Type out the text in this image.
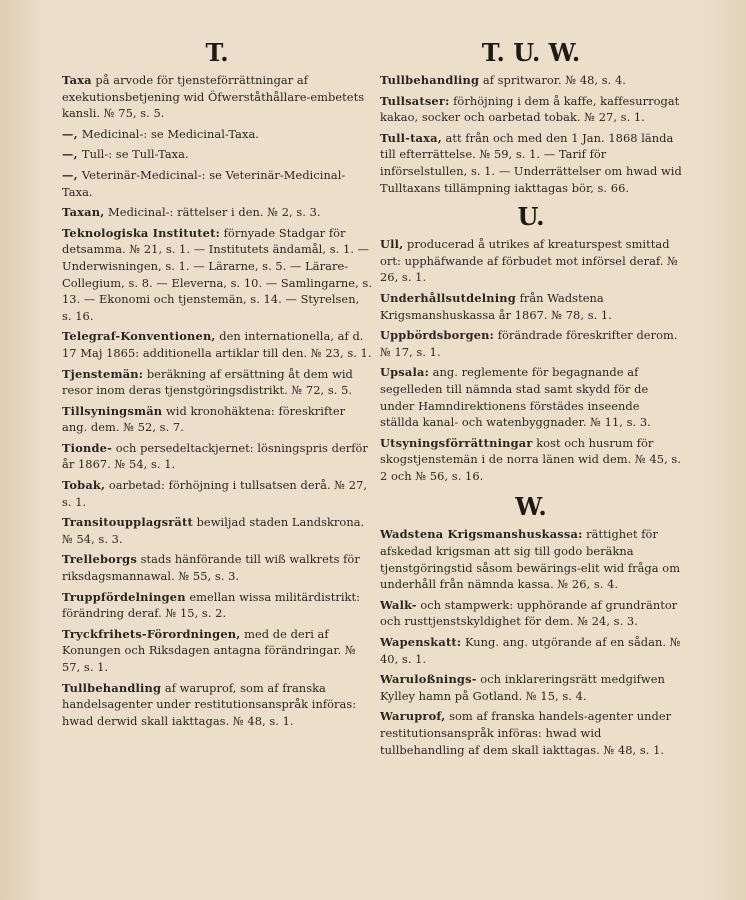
T.

Taxa på arvode för tjensteförrättningar af exekutionsbetjening wid Öfwerståthållare-embetets kansli. № 75, s. 5.

—, Medicinal-: se Medicinal-Taxa.

—, Tull-: se Tull-Taxa.

—, Veterinär-Medicinal-: se Veterinär-Medicinal-Taxa.

Taxan, Medicinal-: rättelser i den. № 2, s. 3.

Teknologiska Institutet: förnyade Stadgar för detsamma. № 21, s. 1. — Institutets ändamål, s. 1. — Underwisningen, s. 1. — Lärarne, s. 5. — Lärare-Collegium, s. 8. — Eleverna, s. 10. — Samlingarne, s. 13. — Ekonomi och tjenstemän, s. 14. — Styrelsen, s. 16.

Telegraf-Konventionen, den internationella, af d. 17 Maj 1865: additionella artiklar till den. № 23, s. 1.

Tjenstemän: beräkning af ersättning åt dem wid resor inom deras tjenstgöringsdistrikt. № 72, s. 5.

Tillsyningsmän wid kronohäktena: föreskrifter ang. dem. № 52, s. 7.

Tionde- och persedeltackjernet: lösningspris derför år 1867. № 54, s. 1.

Tobak, oarbetad: förhöjning i tullsatsen derå. № 27, s. 1.

Transitoupplagsrätt bewiljad staden Landskrona. № 54, s. 3.

Trelleborgs stads hänförande till wiß walkrets för riksdagsmannawal. № 55, s. 3.

Truppfördelningen emellan wissa militärdistrikt: förändring deraf. № 15, s. 2.

Tryckfrihets-Förordningen, med de deri af Konungen och Riksdagen antagna förändringar. № 57, s. 1.

Tullbehandling af waruprof, som af franska handelsagenter under restitutionsanspråk införas: hwad derwid skall iakttagas. № 48, s. 1.

T. U. W.

Tullbehandling af spritwaror. № 48, s. 4.

Tullsatser: förhöjning i dem å kaffe, kaffesurrogat kakao, socker och oarbetad tobak. № 27, s. 1.

Tull-taxa, att från och med den 1 Jan. 1868 lända till efterrättelse. № 59, s. 1. — Tarif för införselstullen, s. 1. — Underrättelser om hwad wid Tulltaxans tillämpning iakttagas bör, s. 66.

U.

Ull, producerad å utrikes af kreaturspest smittad ort: upphäfwande af förbudet mot införsel deraf. № 26, s. 1.

Underhållsutdelning från Wadstena Krigsmanshuskassa år 1867. № 78, s. 1.

Uppbördsborgen: förändrade föreskrifter derom. № 17, s. 1.

Upsala: ang. reglemente för begagnande af segelleden till nämnda stad samt skydd för de under Hamndirektionens förstädes inseende ställda kanal- och watenbyggnader. № 11, s. 3.

Utsyningsförrättningar kost och husrum för skogstjenstemän i de norra länen wid dem. № 45, s. 2 och № 56, s. 16.

W.

Wadstena Krigsmanshuskassa: rättighet för afskedad krigsman att sig till godo beräkna tjenstgöringstid såsom bewärings-elit wid fråga om underhåll från nämnda kassa. № 26, s. 4.

Walk- och stampwerk: upphörande af grundräntor och rusttjenstskyldighet för dem. № 24, s. 3.

Wapenskatt: Kung. ang. utgörande af en sådan. № 40, s. 1.

Waruloßnings- och inklareringsrätt medgifwen Kylley hamn på Gotland. № 15, s. 4.

Waruprof, som af franska handels-agenter under restitutionsanspråk införas: hwad wid tullbehandling af dem skall iakttagas. № 48, s. 1.
